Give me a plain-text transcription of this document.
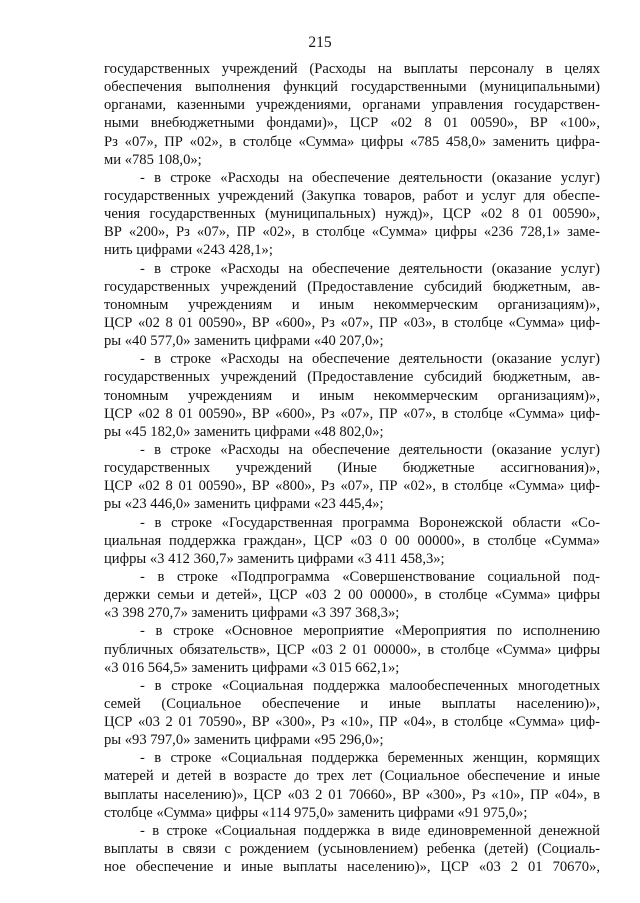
215
государственных учреждений (Расходы на выплаты персоналу в целях
обеспечения выполнения функций государственными (муниципальными)
органами, казенными учреждениями, органами управления государствен-
ными внебюджетными фондами)», ЦСР «02 8 01 00590», ВР «100»,
Рз «07», ПР «02», в столбце «Сумма» цифры «785 458,0» заменить цифра-
ми «785 108,0»;
- в строке «Расходы на обеспечение деятельности (оказание услуг)
государственных учреждений (Закупка товаров, работ и услуг для обеспе-
чения государственных (муниципальных) нужд)», ЦСР «02 8 01 00590»,
ВР «200», Рз «07», ПР «02», в столбце «Сумма» цифры «236 728,1» заме-
нить цифрами «243 428,1»;
- в строке «Расходы на обеспечение деятельности (оказание услуг)
государственных учреждений (Предоставление субсидий бюджетным, ав-
тономным учреждениям и иным некоммерческим организациям)»,
ЦСР «02 8 01 00590», ВР «600», Рз «07», ПР «03», в столбце «Сумма» циф-
ры «40 577,0» заменить цифрами «40 207,0»;
- в строке «Расходы на обеспечение деятельности (оказание услуг)
государственных учреждений (Предоставление субсидий бюджетным, ав-
тономным учреждениям и иным некоммерческим организациям)»,
ЦСР «02 8 01 00590», ВР «600», Рз «07», ПР «07», в столбце «Сумма» циф-
ры «45 182,0» заменить цифрами «48 802,0»;
- в строке «Расходы на обеспечение деятельности (оказание услуг)
государственных учреждений (Иные бюджетные ассигнования)»,
ЦСР «02 8 01 00590», ВР «800», Рз «07», ПР «02», в столбце «Сумма» циф-
ры «23 446,0» заменить цифрами «23 445,4»;
- в строке «Государственная программа Воронежской области «Со-
циальная поддержка граждан», ЦСР «03 0 00 00000», в столбце «Сумма»
цифры «3 412 360,7» заменить цифрами «3 411 458,3»;
- в строке «Подпрограмма «Совершенствование социальной под-
держки семьи и детей», ЦСР «03 2 00 00000», в столбце «Сумма» цифры
«3 398 270,7» заменить цифрами «3 397 368,3»;
- в строке «Основное мероприятие «Мероприятия по исполнению
публичных обязательств», ЦСР «03 2 01 00000», в столбце «Сумма» цифры
«3 016 564,5» заменить цифрами «3 015 662,1»;
- в строке «Социальная поддержка малообеспеченных многодетных
семей (Социальное обеспечение и иные выплаты населению)»,
ЦСР «03 2 01 70590», ВР «300», Рз «10», ПР «04», в столбце «Сумма» циф-
ры «93 797,0» заменить цифрами «95 296,0»;
- в строке «Социальная поддержка беременных женщин, кормящих
матерей и детей в возрасте до трех лет (Социальное обеспечение и иные
выплаты населению)», ЦСР «03 2 01 70660», ВР «300», Рз «10», ПР «04», в
столбце «Сумма» цифры «114 975,0» заменить цифрами «91 975,0»;
- в строке «Социальная поддержка в виде единовременной денежной
выплаты в связи с рождением (усыновлением) ребенка (детей) (Социаль-
ное обеспечение и иные выплаты населению)», ЦСР «03 2 01 70670»,
